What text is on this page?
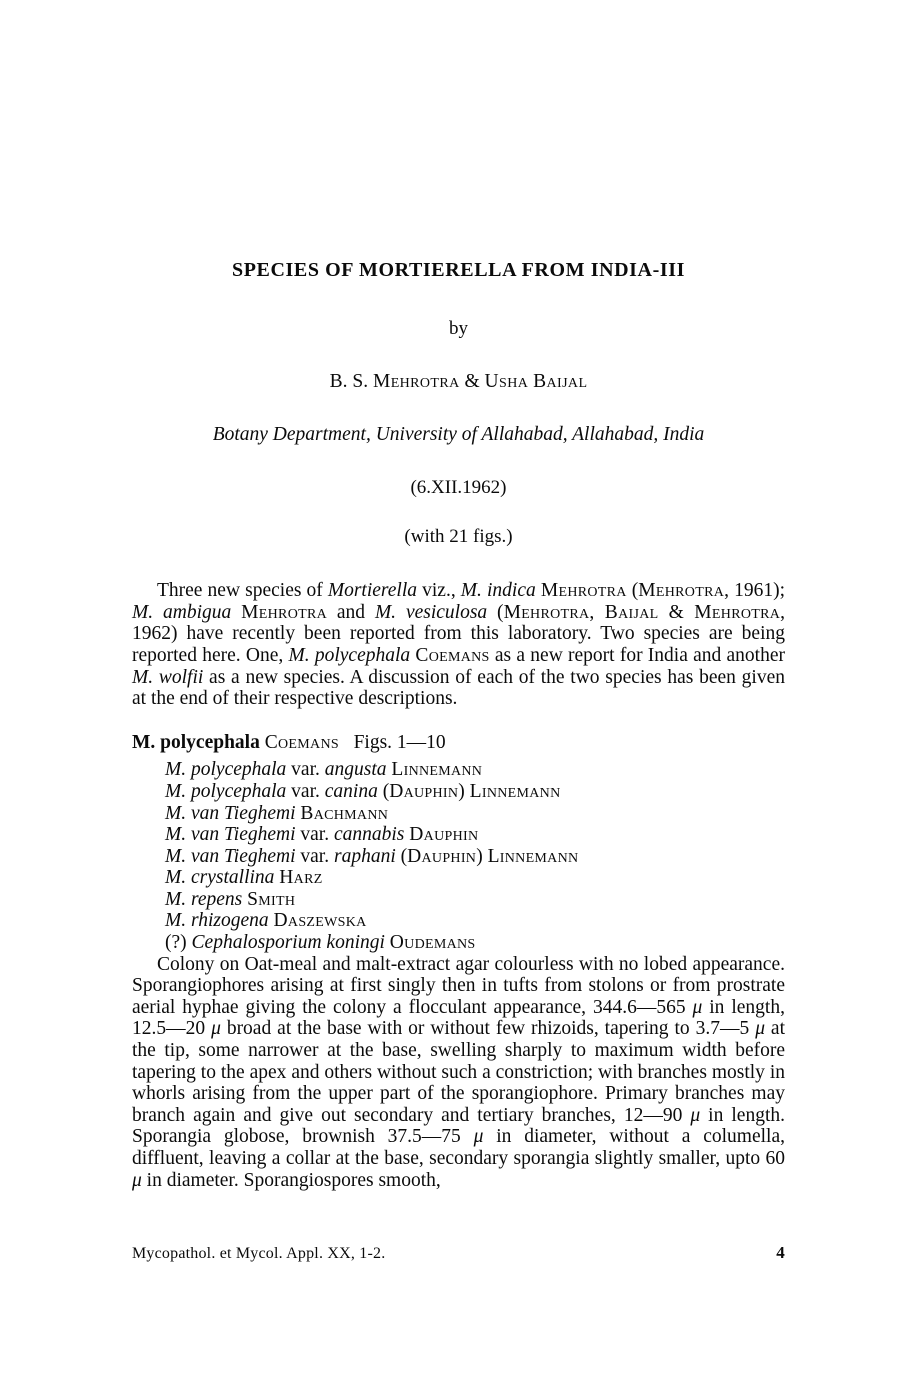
SPECIES OF MORTIERELLA FROM INDIA-III
by
B. S. Mehrotra & Usha Baijal
Botany Department, University of Allahabad, Allahabad, India
(6.XII.1962)
(with 21 figs.)

Three new species of Mortierella viz., M. indica Mehrotra (Mehrotra, 1961); M. ambigua Mehrotra and M. vesiculosa (Mehrotra, Baijal & Mehrotra, 1962) have recently been reported from this laboratory. Two species are being reported here. One, M. polycephala Coemans as a new report for India and another M. wolfii as a new species. A discussion of each of the two species has been given at the end of their respective descriptions.

M. polycephala Coemans Figs. 1—10
M. polycephala var. angusta Linnemann
M. polycephala var. canina (Dauphin) Linnemann
M. van Tieghemi Bachmann
M. van Tieghemi var. cannabis Dauphin
M. van Tieghemi var. raphani (Dauphin) Linnemann
M. crystallina Harz
M. repens Smith
M. rhizogena Daszewska
(?) Cephalosporium koningi Oudemans

Colony on Oat-meal and malt-extract agar colourless with no lobed appearance. Sporangiophores arising at first singly then in tufts from stolons or from prostrate aerial hyphae giving the colony a flocculant appearance, 344.6—565 μ in length, 12.5—20 μ broad at the base with or without few rhizoids, tapering to 3.7—5 μ at the tip, some narrower at the base, swelling sharply to maximum width before tapering to the apex and others without such a constriction; with branches mostly in whorls arising from the upper part of the sporangiophore. Primary branches may branch again and give out secondary and tertiary branches, 12—90 μ in length. Sporangia globose, brownish 37.5—75 μ in diameter, without a columella, diffluent, leaving a collar at the base, secondary sporangia slightly smaller, upto 60 μ in diameter. Sporangiospores smooth,

Mycopathol. et Mycol. Appl. XX, 1-2.	4
